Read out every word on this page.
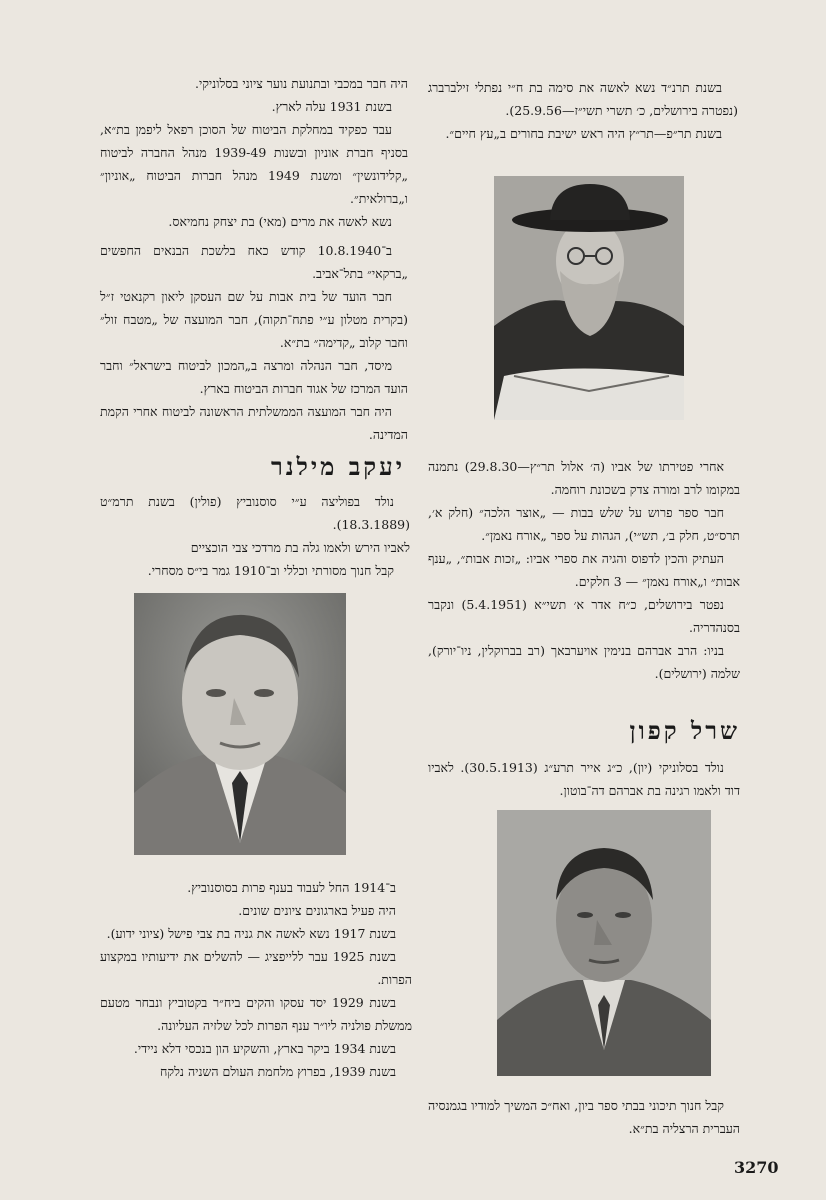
היה חבר במכבי ובתנועת נוער ציוני בסלוניקי.

בשנת 1931 עלה לארץ.

עבד כפקיד במחלקת הביטוח של הסוכן רפאל ליפמן בת״א, בסניף חברת אוניון ובשנות 1939-49 מנהל החברה לביטוח „קלידונשין״ ומשנת 1949 מנהל חברות הביטוח „אוניון״ ו„ברולאית״.

נשא לאשה את מרים (מאי) בת יצחק נחמיאס.

ב־10.8.1940 קודש כאח בלשכת הבנאים החפשים „ברקאי״ בתל־אביב.

חבר הועד של בית אבות על שם העסקן ליאון רקנאטי ז״ל (בקרית מטלון ע״י פתח־תקוה), חבר המועצה של „מטבח זול״ וחבר קלוב „קדימה״ בת״א.

מיסד, חבר הנהלה ומרצה ב„המכון לביטוח בישראל״ וחבר הועד המרכז של אגוד חברות הביטוח בארץ.

היה חבר המועצה הממשלתית הראשונה לביטוח אחרי הקמת המדינה.

יעקב מילנר

נולד בפוליצה ע״י סוסנוביץ (פולין) בשנת תרמ״ט (18.3.1889).

לאביו הירש ולאמו גלה בת מרדכי צבי הוכציים

קבל חנוך מסורתי וכללי וב־1910 גמר בי״ס מסחרי.

ב־1914 החל לעבוד בענף פרות בסוסנוביץ.

היה פעיל בארגונים ציונים שונים.

בשנת 1917 נשא לאשה את גניה בת צבי פישל (ציוני ידוע).

בשנת 1925 עבר ללייפציג — להשלים את ידיעותיו במקצוע הפרות.

בשנת 1929 יסד עסקו והקים ביח״ר בקטוביץ ונבחר מטעם ממשלת פולניה ליו״ר ענף הפרות לכל שלזיה העליונה.

בשנת 1934 ביקר בארץ, והשקיע הון בנכסי דלא ניידי.

בשנת 1939, בפרוץ מלחמת העולם השניה נלקח

בשנת תרנ״ד נשא לאשה את סימה בת ח״י נפתלי זילברברג (נפטרה בירושלים, כ׳ תשרי תשי״ז—25.9.56).

בשנת תר״פ—תר״ץ היה ראש ישיבת בחורים ב„עץ חיים״.

אחרי פטירתו של אביו (ה׳ אלול תר״ץ—29.8.30) נתמנה במקומו לרב ומורה צדק בשכונת רוחמה.

חבר ספר פרוש על שלש בבות — „אוצר הלכה״ (חלק א׳, תרס״ט, חלק ב׳, תש״י), הגהות על ספר „אורח נאמן״.

העתיק והכין לדפוס והגיה את ספרי אביו: „זכות אבות״, „ענף אבות״ ו„אורח נאמן״ — 3 חלקים.

נפטר בירושלים, כ״ח אדר א׳ תשי״א (5.4.1951) ונקבר בסנהדריה.

בניו: הרב אברהם בנימין אויערבאך (רב בברוקלין, ניו־יורק), שלמה (ירושלים).

שרל קפון

נולד בסלוניקי (יון), כ״ג אייר תרע״ג (30.5.1913). לאביו דוד ולאמו רגינה בת אברהם דה־בוטון.

קבל חנוך תיכוני בבתי ספר ביון, ואח״כ המשיך למודיו בגמנסיה העברית הרצליה בת״א.

3270
